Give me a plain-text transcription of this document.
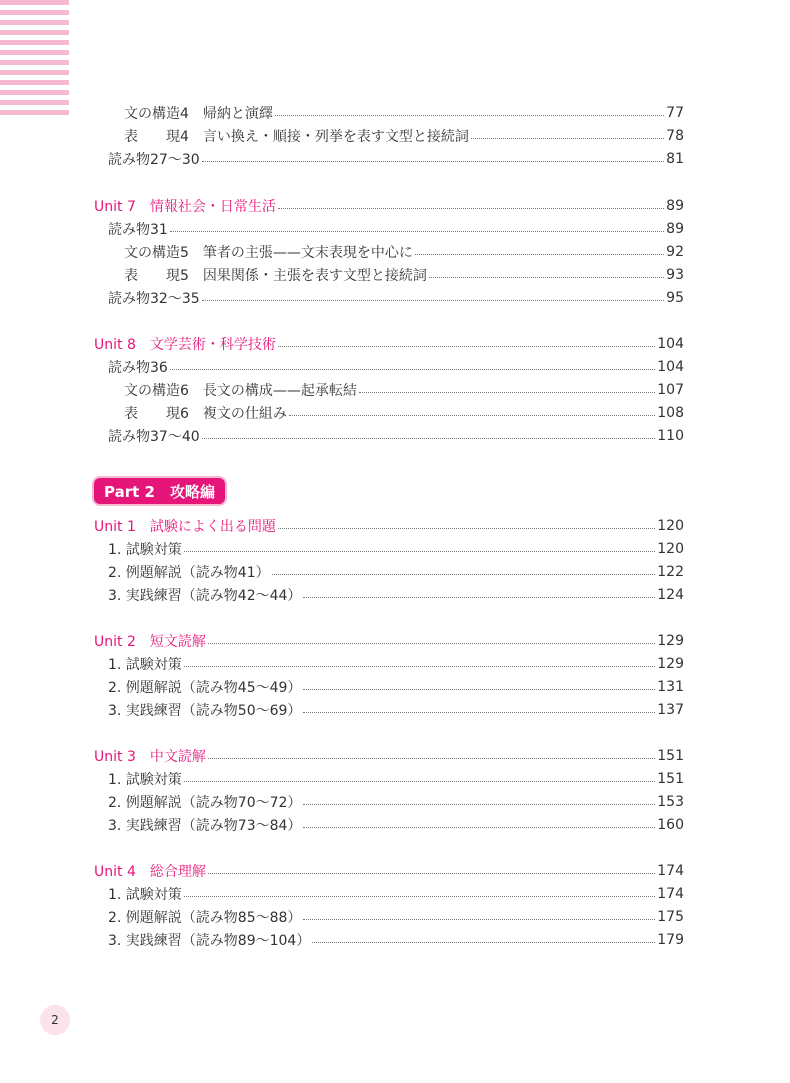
文の構造4　帰納と演繹	77
表　　現4　言い換え・順接・列挙を表す文型と接続詞	78
読み物27〜30	81
Unit 7　情報社会・日常生活	89
読み物31	89
文の構造5　筆者の主張——文末表現を中心に	92
表　　現5　因果関係・主張を表す文型と接続詞	93
読み物32〜35	95
Unit 8　文学芸術・科学技術	104
読み物36	104
文の構造6　長文の構成——起承転結	107
表　　現6　複文の仕組み	108
読み物37〜40	110
Unit 1　試験によく出る問題	120
1. 試験対策	120
2. 例題解説（読み物41）	122
3. 実践練習（読み物42〜44）	124
Unit 2　短文読解	129
1. 試験対策	129
2. 例題解説（読み物45〜49）	131
3. 実践練習（読み物50〜69）	137
Unit 3　中文読解	151
1. 試験対策	151
2. 例題解説（読み物70〜72）	153
3. 実践練習（読み物73〜84）	160
Unit 4　総合理解	174
1. 試験対策	174
2. 例題解説（読み物85〜88）	175
3. 実践練習（読み物89〜104）	179
Part 2　攻略編
2
